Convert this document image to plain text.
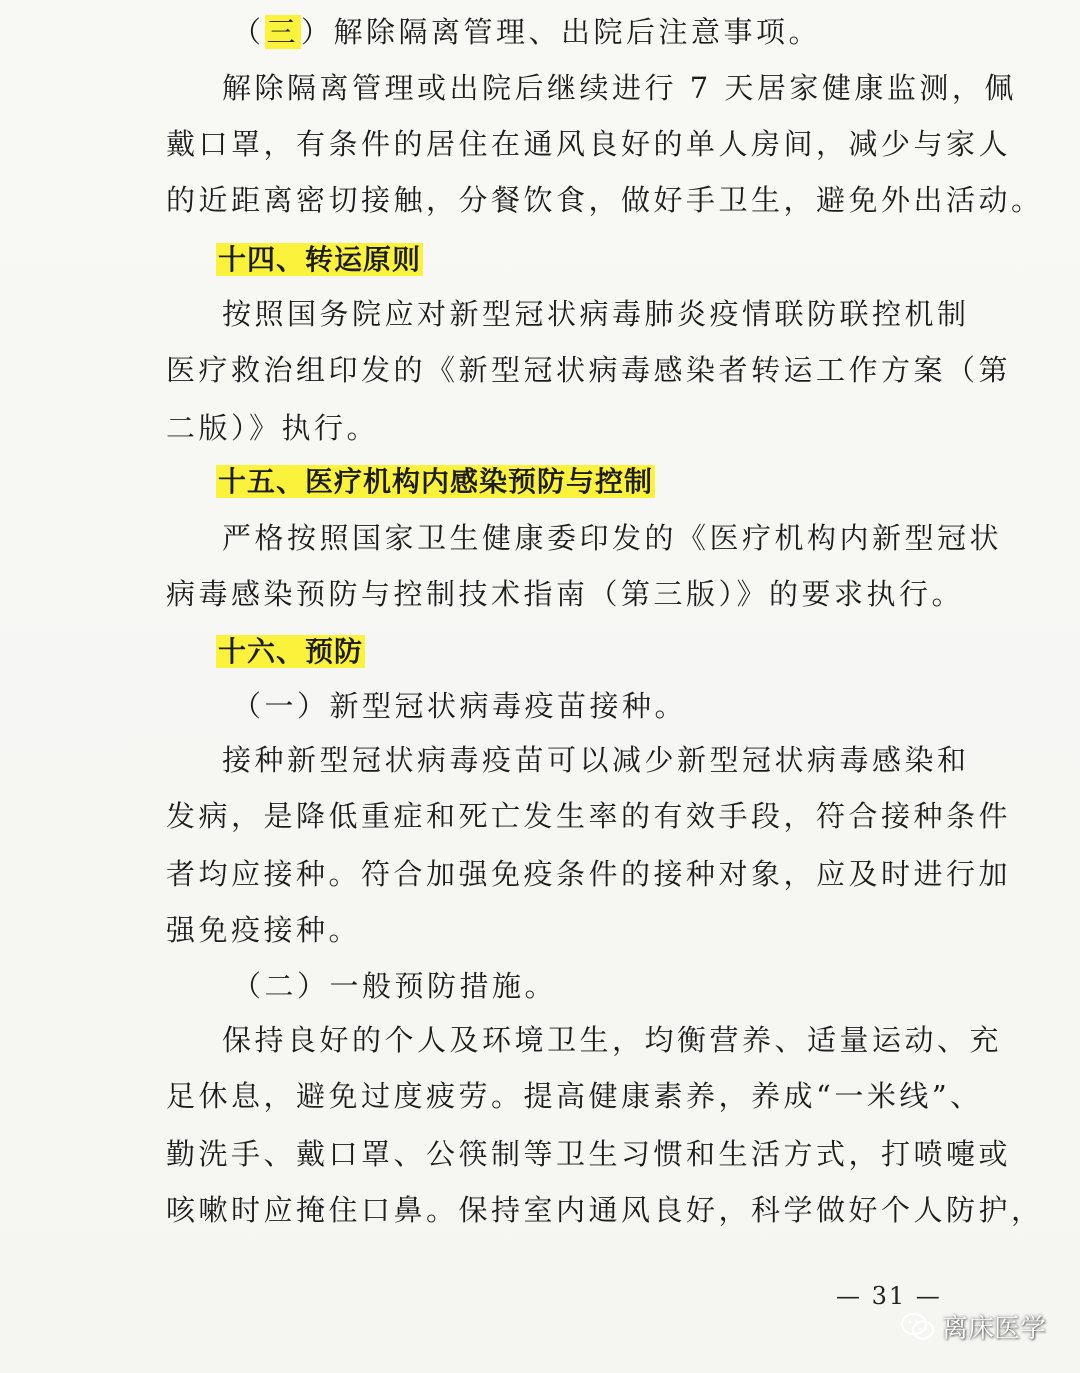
（三）解除隔离管理、出院后注意事项。
解除隔离管理或出院后继续进行 7 天居家健康监测，佩
戴口罩，有条件的居住在通风良好的单人房间，减少与家人
的近距离密切接触，分餐饮食，做好手卫生，避免外出活动。
十四、转运原则
按照国务院应对新型冠状病毒肺炎疫情联防联控机制
医疗救治组印发的《新型冠状病毒感染者转运工作方案（第
二版）》执行。
十五、医疗机构内感染预防与控制
严格按照国家卫生健康委印发的《医疗机构内新型冠状
病毒感染预防与控制技术指南（第三版）》的要求执行。
十六、预防
（一）新型冠状病毒疫苗接种。
接种新型冠状病毒疫苗可以减少新型冠状病毒感染和
发病，是降低重症和死亡发生率的有效手段，符合接种条件
者均应接种。符合加强免疫条件的接种对象，应及时进行加
强免疫接种。
（二）一般预防措施。
保持良好的个人及环境卫生，均衡营养、适量运动、充
足休息，避免过度疲劳。提高健康素养，养成“一米线”、
勤洗手、戴口罩、公筷制等卫生习惯和生活方式，打喷嚏或
咳嗽时应掩住口鼻。保持室内通风良好，科学做好个人防护，
— 31 —
离床医学
